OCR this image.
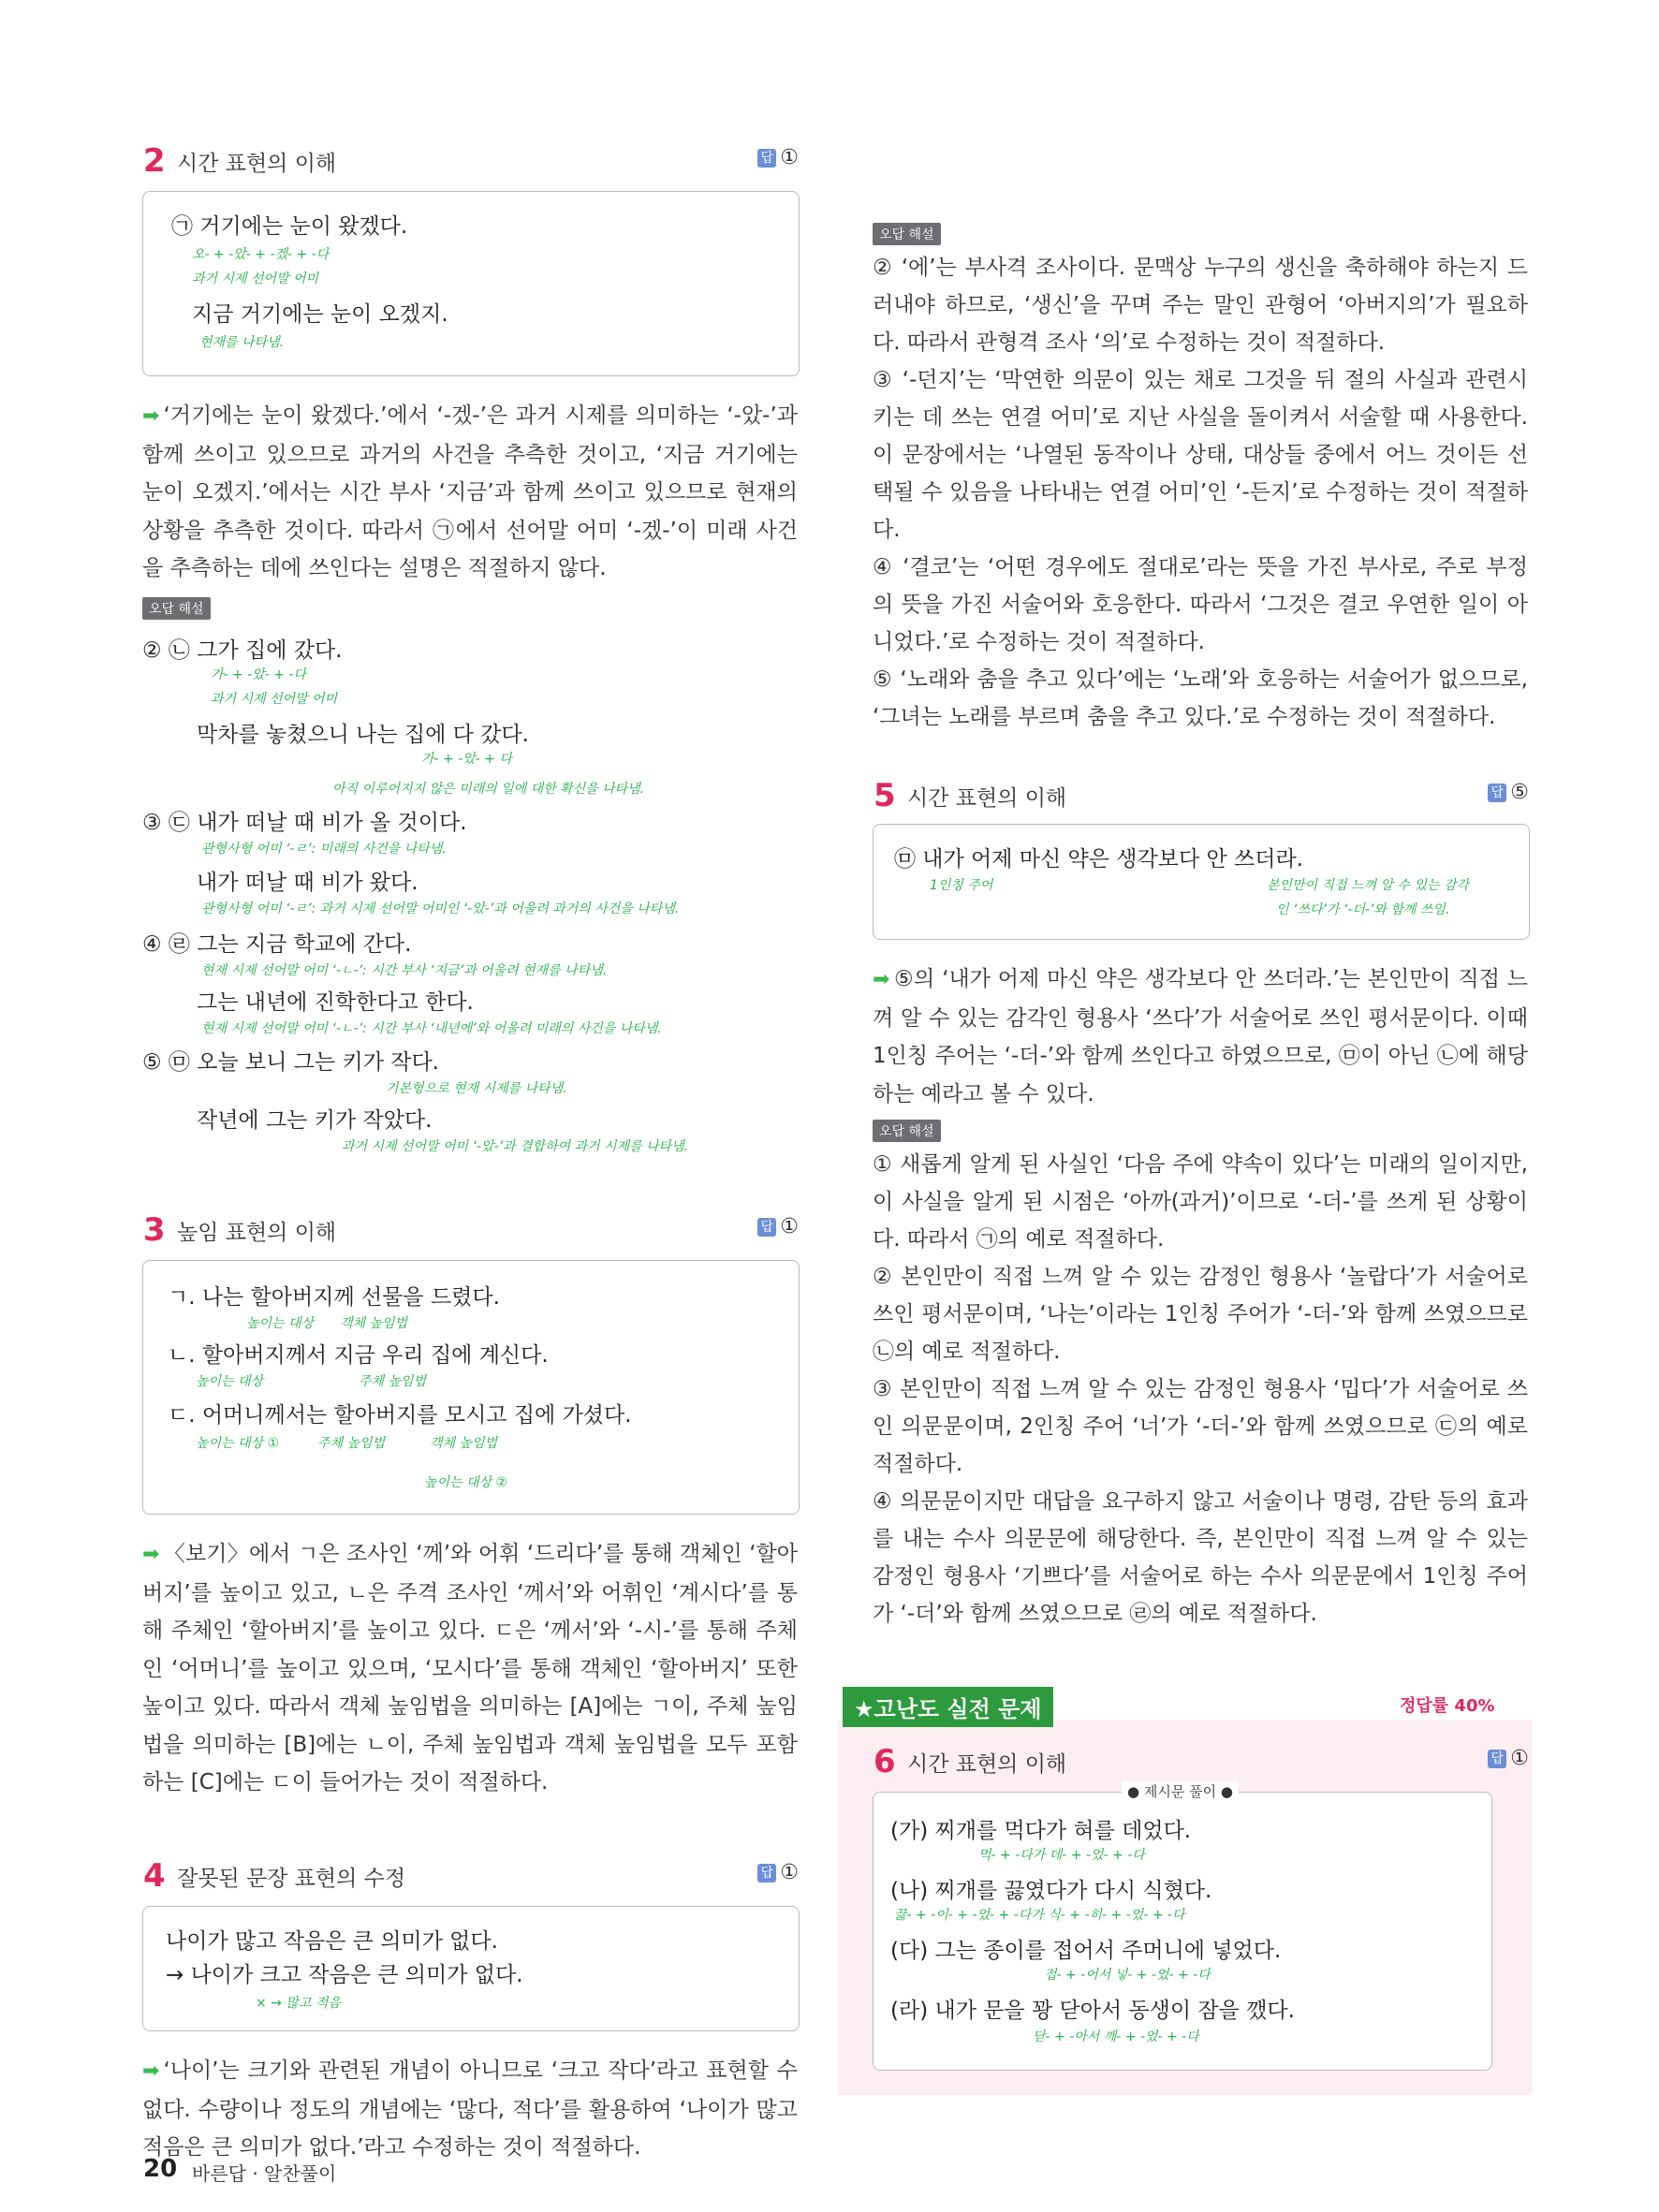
2 시간 표현의 이해	답 ①
㉠ 거기에는 눈이 왔겠다.
오- + -았- + -겠- + -다
과거 시제 선어말 어미
지금 거기에는 눈이 오겠지.
현재를 나타냄.
➡ ‘거기에는 눈이 왔겠다.’에서 ‘-겠-’은 과거 시제를 의미하는 ‘-았-’과 함께 쓰이고 있으므로 과거의 사건을 추측한 것이고, ‘지금 거기에는 눈이 오겠지.’에서는 시간 부사 ‘지금’과 함께 쓰이고 있으므로 현재의 상황을 추측한 것이다. 따라서 ㉠에서 선어말 어미 ‘-겠-’이 미래 사건을 추측하는 데에 쓰인다는 설명은 적절하지 않다.
오답 해설
② ㉡ 그가 집에 갔다.
가- + -았- + -다
과거 시제 선어말 어미
막차를 놓쳤으니 나는 집에 다 갔다.
가- + -았- + 다
아직 이루어지지 않은 미래의 일에 대한 확신을 나타냄.
③ ㉢ 내가 떠날 때 비가 올 것이다.
관형사형 어미 ‘-ㄹ’: 미래의 사건을 나타냄.
내가 떠날 때 비가 왔다.
관형사형 어미 ‘-ㄹ’: 과거 시제 선어말 어미인 ‘-았-’과 어울려 과거의 사건을 나타냄.
④ ㉣ 그는 지금 학교에 간다.
현재 시제 선어말 어미 ‘-ㄴ-’: 시간 부사 ‘지금’과 어울려 현재를 나타냄.
그는 내년에 진학한다고 한다.
현재 시제 선어말 어미 ‘-ㄴ-’: 시간 부사 ‘내년에’와 어울려 미래의 사건을 나타냄.
⑤ ㉤ 오늘 보니 그는 키가 작다.
기본형으로 현재 시제를 나타냄.
작년에 그는 키가 작았다.
과거 시제 선어말 어미 ‘-았-’과 결합하여 과거 시제를 나타냄.
3 높임 표현의 이해	답 ①
ㄱ. 나는 할아버지께 선물을 드렸다.
높이는 대상 객체 높임법
ㄴ. 할아버지께서 지금 우리 집에 계신다.
높이는 대상	주체 높임법
ㄷ. 어머니께서는 할아버지를 모시고 집에 가셨다.
높이는 대상 ①	주체 높임법	객체 높임법
높이는 대상 ②
➡ 〈보기〉에서 ㄱ은 조사인 ‘께’와 어휘 ‘드리다’를 통해 객체인 ‘할아버지’를 높이고 있고, ㄴ은 주격 조사인 ‘께서’와 어휘인 ‘계시다’를 통해 주체인 ‘할아버지’를 높이고 있다. ㄷ은 ‘께서’와 ‘-시-’를 통해 주체인 ‘어머니’를 높이고 있으며, ‘모시다’를 통해 객체인 ‘할아버지’ 또한 높이고 있다. 따라서 객체 높임법을 의미하는 [A]에는 ㄱ이, 주체 높임법을 의미하는 [B]에는 ㄴ이, 주체 높임법과 객체 높임법을 모두 포함하는 [C]에는 ㄷ이 들어가는 것이 적절하다.
4 잘못된 문장 표현의 수정	답 ①
나이가 많고 작음은 큰 의미가 없다.
→ 나이가 크고 작음은 큰 의미가 없다.
× → 많고 적음
➡ ‘나이’는 크기와 관련된 개념이 아니므로 ‘크고 작다’라고 표현할 수 없다. 수량이나 정도의 개념에는 ‘많다, 적다’를 활용하여 ‘나이가 많고 적음은 큰 의미가 없다.’라고 수정하는 것이 적절하다.
오답 해설
② ‘에’는 부사격 조사이다. 문맥상 누구의 생신을 축하해야 하는지 드러내야 하므로, ‘생신’을 꾸며 주는 말인 관형어 ‘아버지의’가 필요하다. 따라서 관형격 조사 ‘의’로 수정하는 것이 적절하다.
③ ‘-던지’는 ‘막연한 의문이 있는 채로 그것을 뒤 절의 사실과 관련시키는 데 쓰는 연결 어미’로 지난 사실을 돌이켜서 서술할 때 사용한다. 이 문장에서는 ‘나열된 동작이나 상태, 대상들 중에서 어느 것이든 선택될 수 있음을 나타내는 연결 어미’인 ‘-든지’로 수정하는 것이 적절하다.
④ ‘결코’는 ‘어떤 경우에도 절대로’라는 뜻을 가진 부사로, 주로 부정의 뜻을 가진 서술어와 호응한다. 따라서 ‘그것은 결코 우연한 일이 아니었다.’로 수정하는 것이 적절하다.
⑤ ‘노래와 춤을 추고 있다’에는 ‘노래’와 호응하는 서술어가 없으므로, ‘그녀는 노래를 부르며 춤을 추고 있다.’로 수정하는 것이 적절하다.
5 시간 표현의 이해	답 ⑤
㉤ 내가 어제 마신 약은 생각보다 안 쓰더라.
1인칭 주어	본인만이 직접 느껴 알 수 있는 감각
인 ‘쓰다’가 ‘-더-’와 함께 쓰임.
➡ ⑤의 ‘내가 어제 마신 약은 생각보다 안 쓰더라.’는 본인만이 직접 느껴 알 수 있는 감각인 형용사 ‘쓰다’가 서술어로 쓰인 평서문이다. 이때 1인칭 주어는 ‘-더-’와 함께 쓰인다고 하였으므로, ㉤이 아닌 ㉡에 해당하는 예라고 볼 수 있다.
오답 해설
① 새롭게 알게 된 사실인 ‘다음 주에 약속이 있다’는 미래의 일이지만, 이 사실을 알게 된 시점은 ‘아까(과거)’이므로 ‘-더-’를 쓰게 된 상황이다. 따라서 ㉠의 예로 적절하다.
② 본인만이 직접 느껴 알 수 있는 감정인 형용사 ‘놀랍다’가 서술어로 쓰인 평서문이며, ‘나는’이라는 1인칭 주어가 ‘-더-’와 함께 쓰였으므로 ㉡의 예로 적절하다.
③ 본인만이 직접 느껴 알 수 있는 감정인 형용사 ‘밉다’가 서술어로 쓰인 의문문이며, 2인칭 주어 ‘너’가 ‘-더-’와 함께 쓰였으므로 ㉢의 예로 적절하다.
④ 의문문이지만 대답을 요구하지 않고 서술이나 명령, 감탄 등의 효과를 내는 수사 의문문에 해당한다. 즉, 본인만이 직접 느껴 알 수 있는 감정인 형용사 ‘기쁘다’를 서술어로 하는 수사 의문문에서 1인칭 주어가 ‘-더’와 함께 쓰였으므로 ㉣의 예로 적절하다.
★고난도 실전 문제	정답률 40%
6 시간 표현의 이해	답 ①
● 제시문 풀이 ●
(가) 찌개를 먹다가 혀를 데었다.
먹- + -다가 데- + -었- + -다
(나) 찌개를 끓였다가 다시 식혔다.
끓- + -이- + -었- + -다가 식- + -히- + -었- + -다
(다) 그는 종이를 접어서 주머니에 넣었다.
접- + -어서 넣- + -었- + -다
(라) 내가 문을 꽝 닫아서 동생이 잠을 깼다.
닫- + -아서 깨- + -었- + -다
20 바른답 · 알찬풀이
